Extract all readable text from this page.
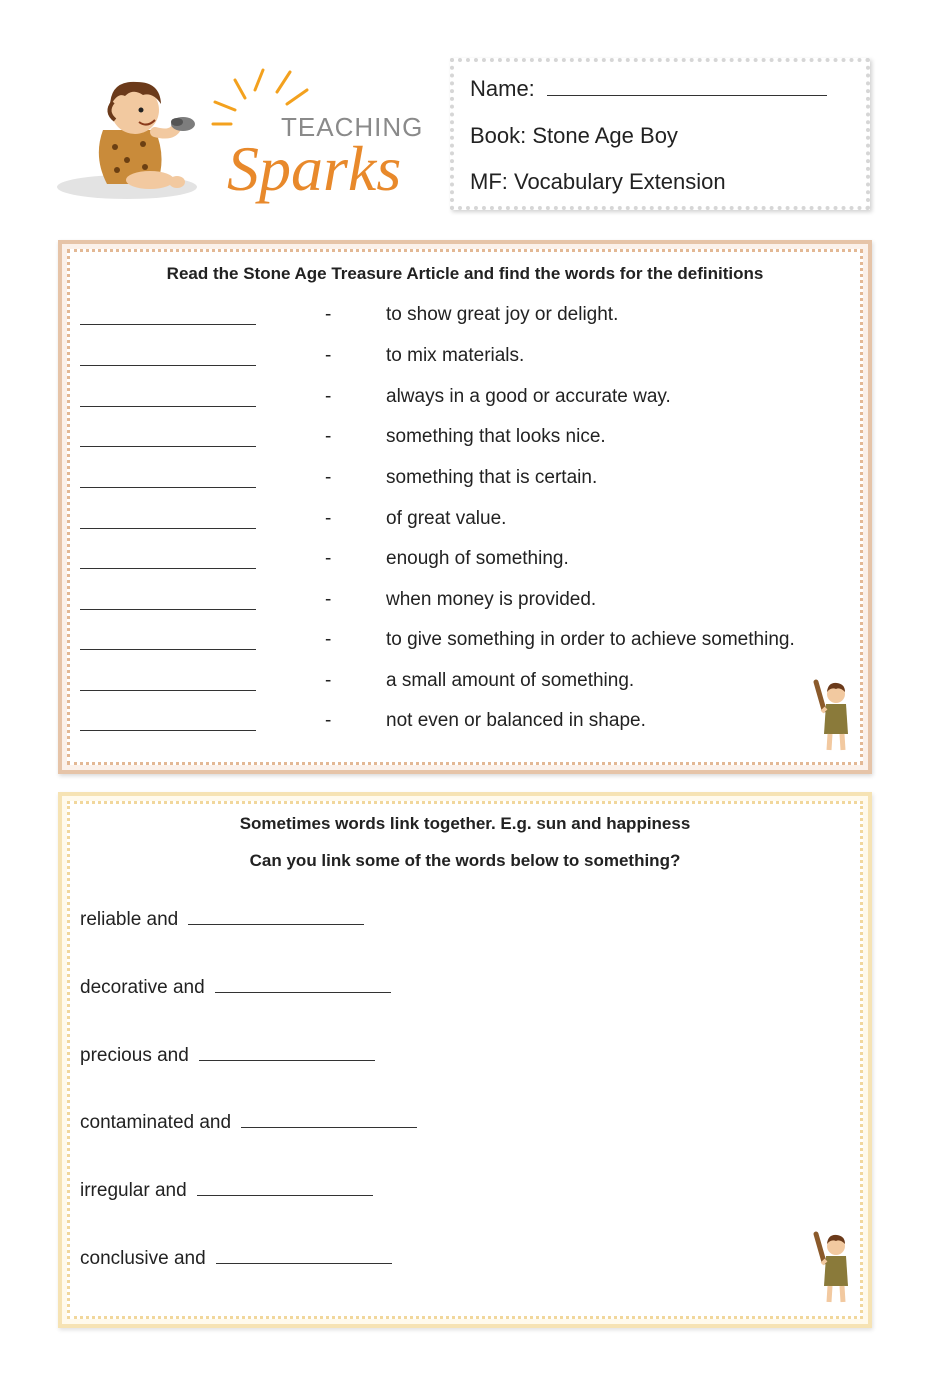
TEACHING
Sparks
Name:
Book: Stone Age Boy
MF: Vocabulary Extension
Read the Stone Age Treasure Article and find the words for the definitions
-	to show great joy or delight.
-	to mix materials.
-	always in a good or accurate way.
-	something that looks nice.
-	something that is certain.
-	of great value.
-	enough of something.
-	when money is provided.
-	to give something in order to achieve something.
-	a small amount of something.
-	not even or balanced in shape.
Sometimes words link together. E.g. sun and happiness
Can you link some of the words below to something?
reliable and
decorative and
precious and
contaminated and
irregular and
conclusive and
